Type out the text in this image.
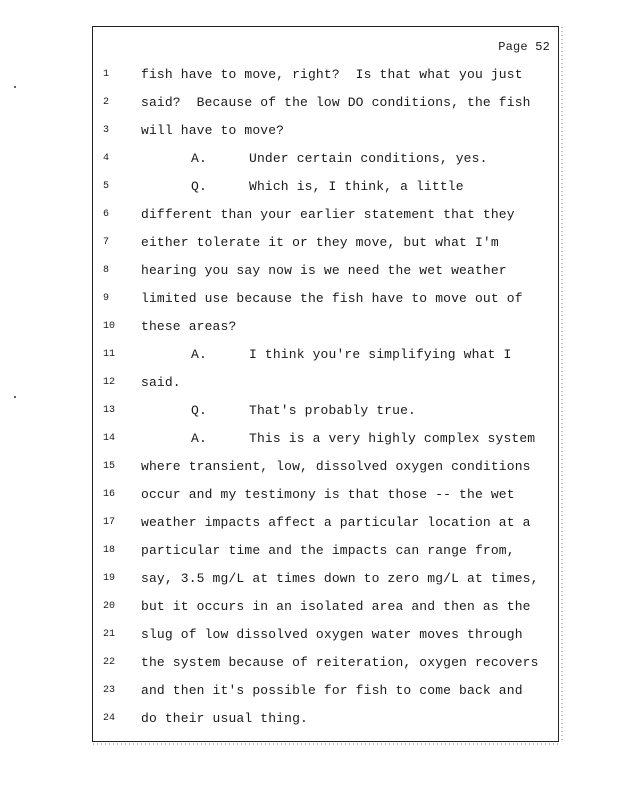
Page 52
1	fish have to move, right?  Is that what you just
2	said?  Because of the low DO conditions, the fish
3	will have to move?
4	A.	Under certain conditions, yes.
5	Q.	Which is, I think, a little
6	different than your earlier statement that they
7	either tolerate it or they move, but what I'm
8	hearing you say now is we need the wet weather
9	limited use because the fish have to move out of
10	these areas?
11	A.	I think you're simplifying what I
12	said.
13	Q.	That's probably true.
14	A.	This is a very highly complex system
15	where transient, low, dissolved oxygen conditions
16	occur and my testimony is that those -- the wet
17	weather impacts affect a particular location at a
18	particular time and the impacts can range from,
19	say, 3.5 mg/L at times down to zero mg/L at times,
20	but it occurs in an isolated area and then as the
21	slug of low dissolved oxygen water moves through
22	the system because of reiteration, oxygen recovers
23	and then it's possible for fish to come back and
24	do their usual thing.
